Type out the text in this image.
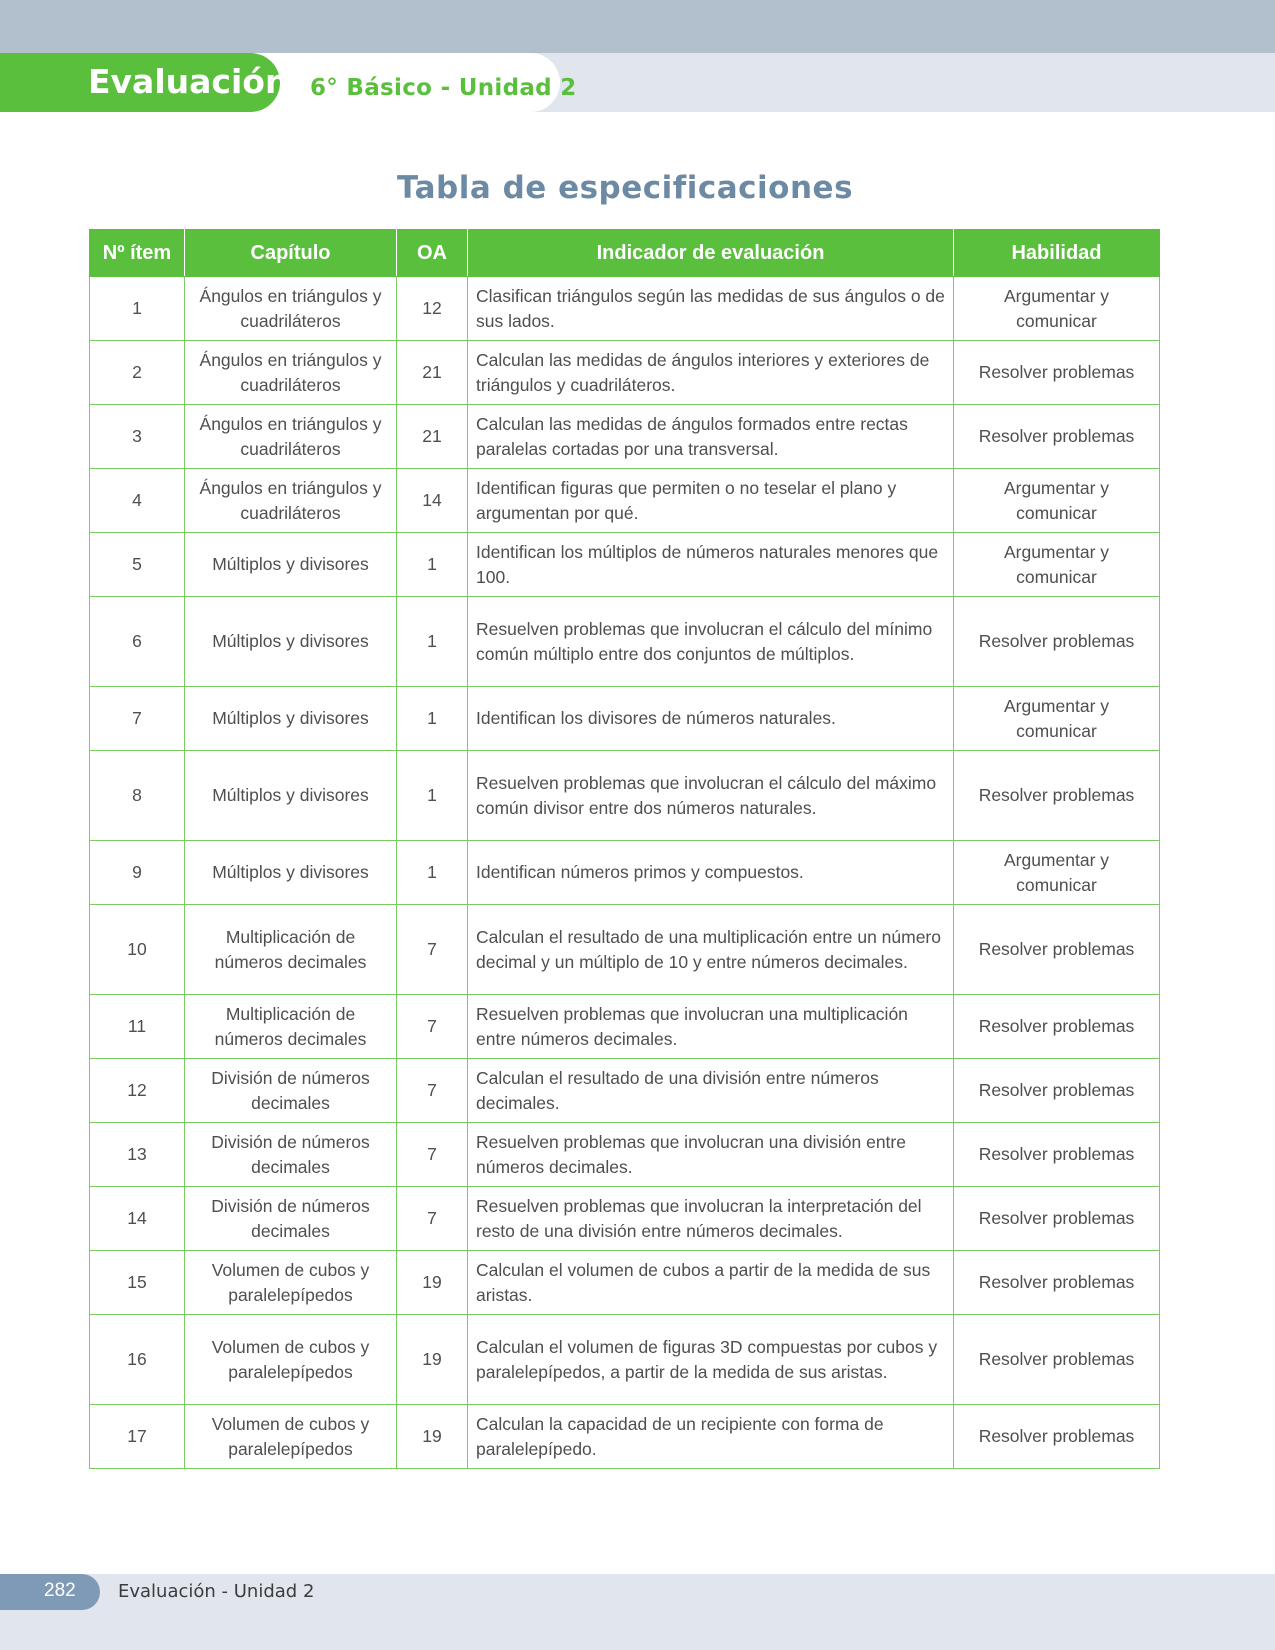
Evaluación 6° Básico - Unidad 2
Tabla de especificaciones
Nº ítem	Capítulo	OA	Indicador de evaluación	Habilidad
1	Ángulos en triángulos y cuadriláteros	12	Clasifican triángulos según las medidas de sus ángulos o de sus lados.	Argumentar y comunicar
2	Ángulos en triángulos y cuadriláteros	21	Calculan las medidas de ángulos interiores y exteriores de triángulos y cuadriláteros.	Resolver problemas
3	Ángulos en triángulos y cuadriláteros	21	Calculan las medidas de ángulos formados entre rectas paralelas cortadas por una transversal.	Resolver problemas
4	Ángulos en triángulos y cuadriláteros	14	Identifican figuras que permiten o no teselar el plano y argumentan por qué.	Argumentar y comunicar
5	Múltiplos y divisores	1	Identifican los múltiplos de números naturales menores que 100.	Argumentar y comunicar
6	Múltiplos y divisores	1	Resuelven problemas que involucran el cálculo del mínimo común múltiplo entre dos conjuntos de múltiplos.	Resolver problemas
7	Múltiplos y divisores	1	Identifican los divisores de números naturales.	Argumentar y comunicar
8	Múltiplos y divisores	1	Resuelven problemas que involucran el cálculo del máximo común divisor entre dos números naturales.	Resolver problemas
9	Múltiplos y divisores	1	Identifican números primos y compuestos.	Argumentar y comunicar
10	Multiplicación de números decimales	7	Calculan el resultado de una multiplicación entre un número decimal y un múltiplo de 10 y entre números decimales.	Resolver problemas
11	Multiplicación de números decimales	7	Resuelven problemas que involucran una multiplicación entre números decimales.	Resolver problemas
12	División de números decimales	7	Calculan el resultado de una división entre números decimales.	Resolver problemas
13	División de números decimales	7	Resuelven problemas que involucran una división entre números decimales.	Resolver problemas
14	División de números decimales	7	Resuelven problemas que involucran la interpretación del resto de una división entre números decimales.	Resolver problemas
15	Volumen de cubos y paralelepípedos	19	Calculan el volumen de cubos a partir de la medida de sus aristas.	Resolver problemas
16	Volumen de cubos y paralelepípedos	19	Calculan el volumen de figuras 3D compuestas por cubos y paralelepípedos, a partir de la medida de sus aristas.	Resolver problemas
17	Volumen de cubos y paralelepípedos	19	Calculan la capacidad de un recipiente con forma de paralelepípedo.	Resolver problemas
282 Evaluación - Unidad 2
